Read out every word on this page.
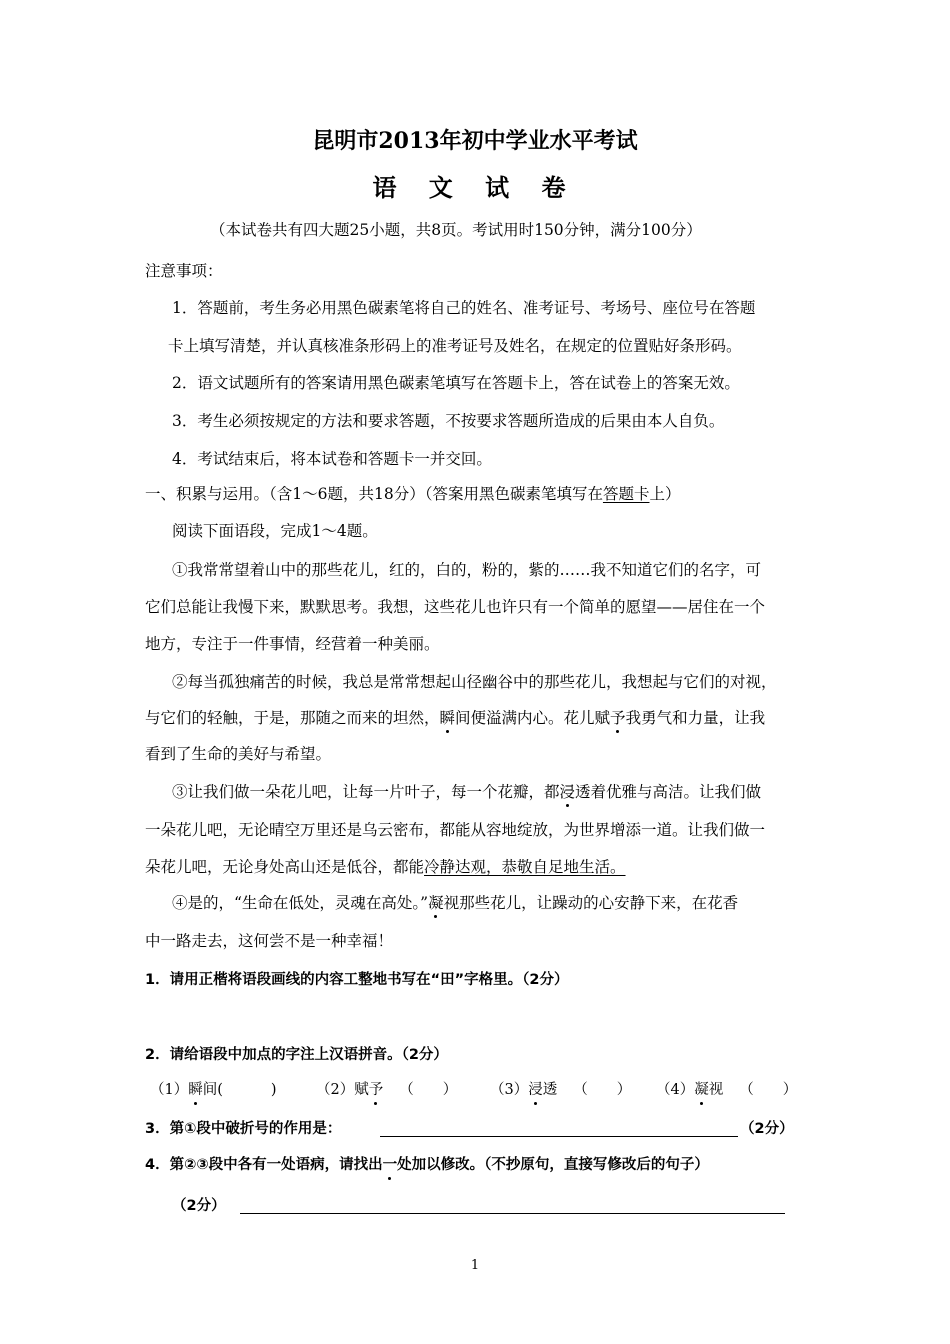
昆明市2013年初中学业水平考试
语 文 试 卷
（本试卷共有四大题25小题，共8页。考试用时150分钟，满分100分）
注意事项：
1．答题前，考生务必用黑色碳素笔将自己的姓名、准考证号、考场号、座位号在答题
卡上填写清楚，并认真核准条形码上的准考证号及姓名，在规定的位置贴好条形码。
2．语文试题所有的答案请用黑色碳素笔填写在答题卡上，答在试卷上的答案无效。
3．考生必须按规定的方法和要求答题，不按要求答题所造成的后果由本人自负。
4．考试结束后，将本试卷和答题卡一并交回。
一、积累与运用。（含1～6题，共18分）（答案用黑色碳素笔填写在答题卡上）
阅读下面语段，完成1～4题。
①我常常望着山中的那些花儿，红的，白的，粉的，紫的……我不知道它们的名字，可
它们总能让我慢下来，默默思考。我想，这些花儿也许只有一个简单的愿望——居住在一个
地方，专注于一件事情，经营着一种美丽。
②每当孤独痛苦的时候，我总是常常想起山径幽谷中的那些花儿，我想起与它们的对视，
与它们的轻触，于是，那随之而来的坦然，瞬间便溢满内心。花儿赋予我勇气和力量，让我
看到了生命的美好与希望。
③让我们做一朵花儿吧，让每一片叶子，每一个花瓣，都浸透着优雅与高洁。让我们做
一朵花儿吧，无论晴空万里还是乌云密布，都能从容地绽放，为世界增添一道。让我们做一
朵花儿吧，无论身处高山还是低谷，都能冷静达观，恭敬自足地生活。
④是的，“生命在低处，灵魂在高处。”凝视那些花儿，让躁动的心安静下来，在花香
中一路走去，这何尝不是一种幸福！
1．请用正楷将语段画线的内容工整地书写在“田”字格里。（2分）
2．请给语段中加点的字注上汉语拼音。（2分）
（1）瞬间(	)	（2）赋予 （　　） （3）浸透 （　　） （4）凝视 （　　）
3．第①段中破折号的作用是：	（2分）
4．第②③段中各有一处语病，请找出一处加以修改。（不抄原句，直接写修改后的句子）
（2分）
1
